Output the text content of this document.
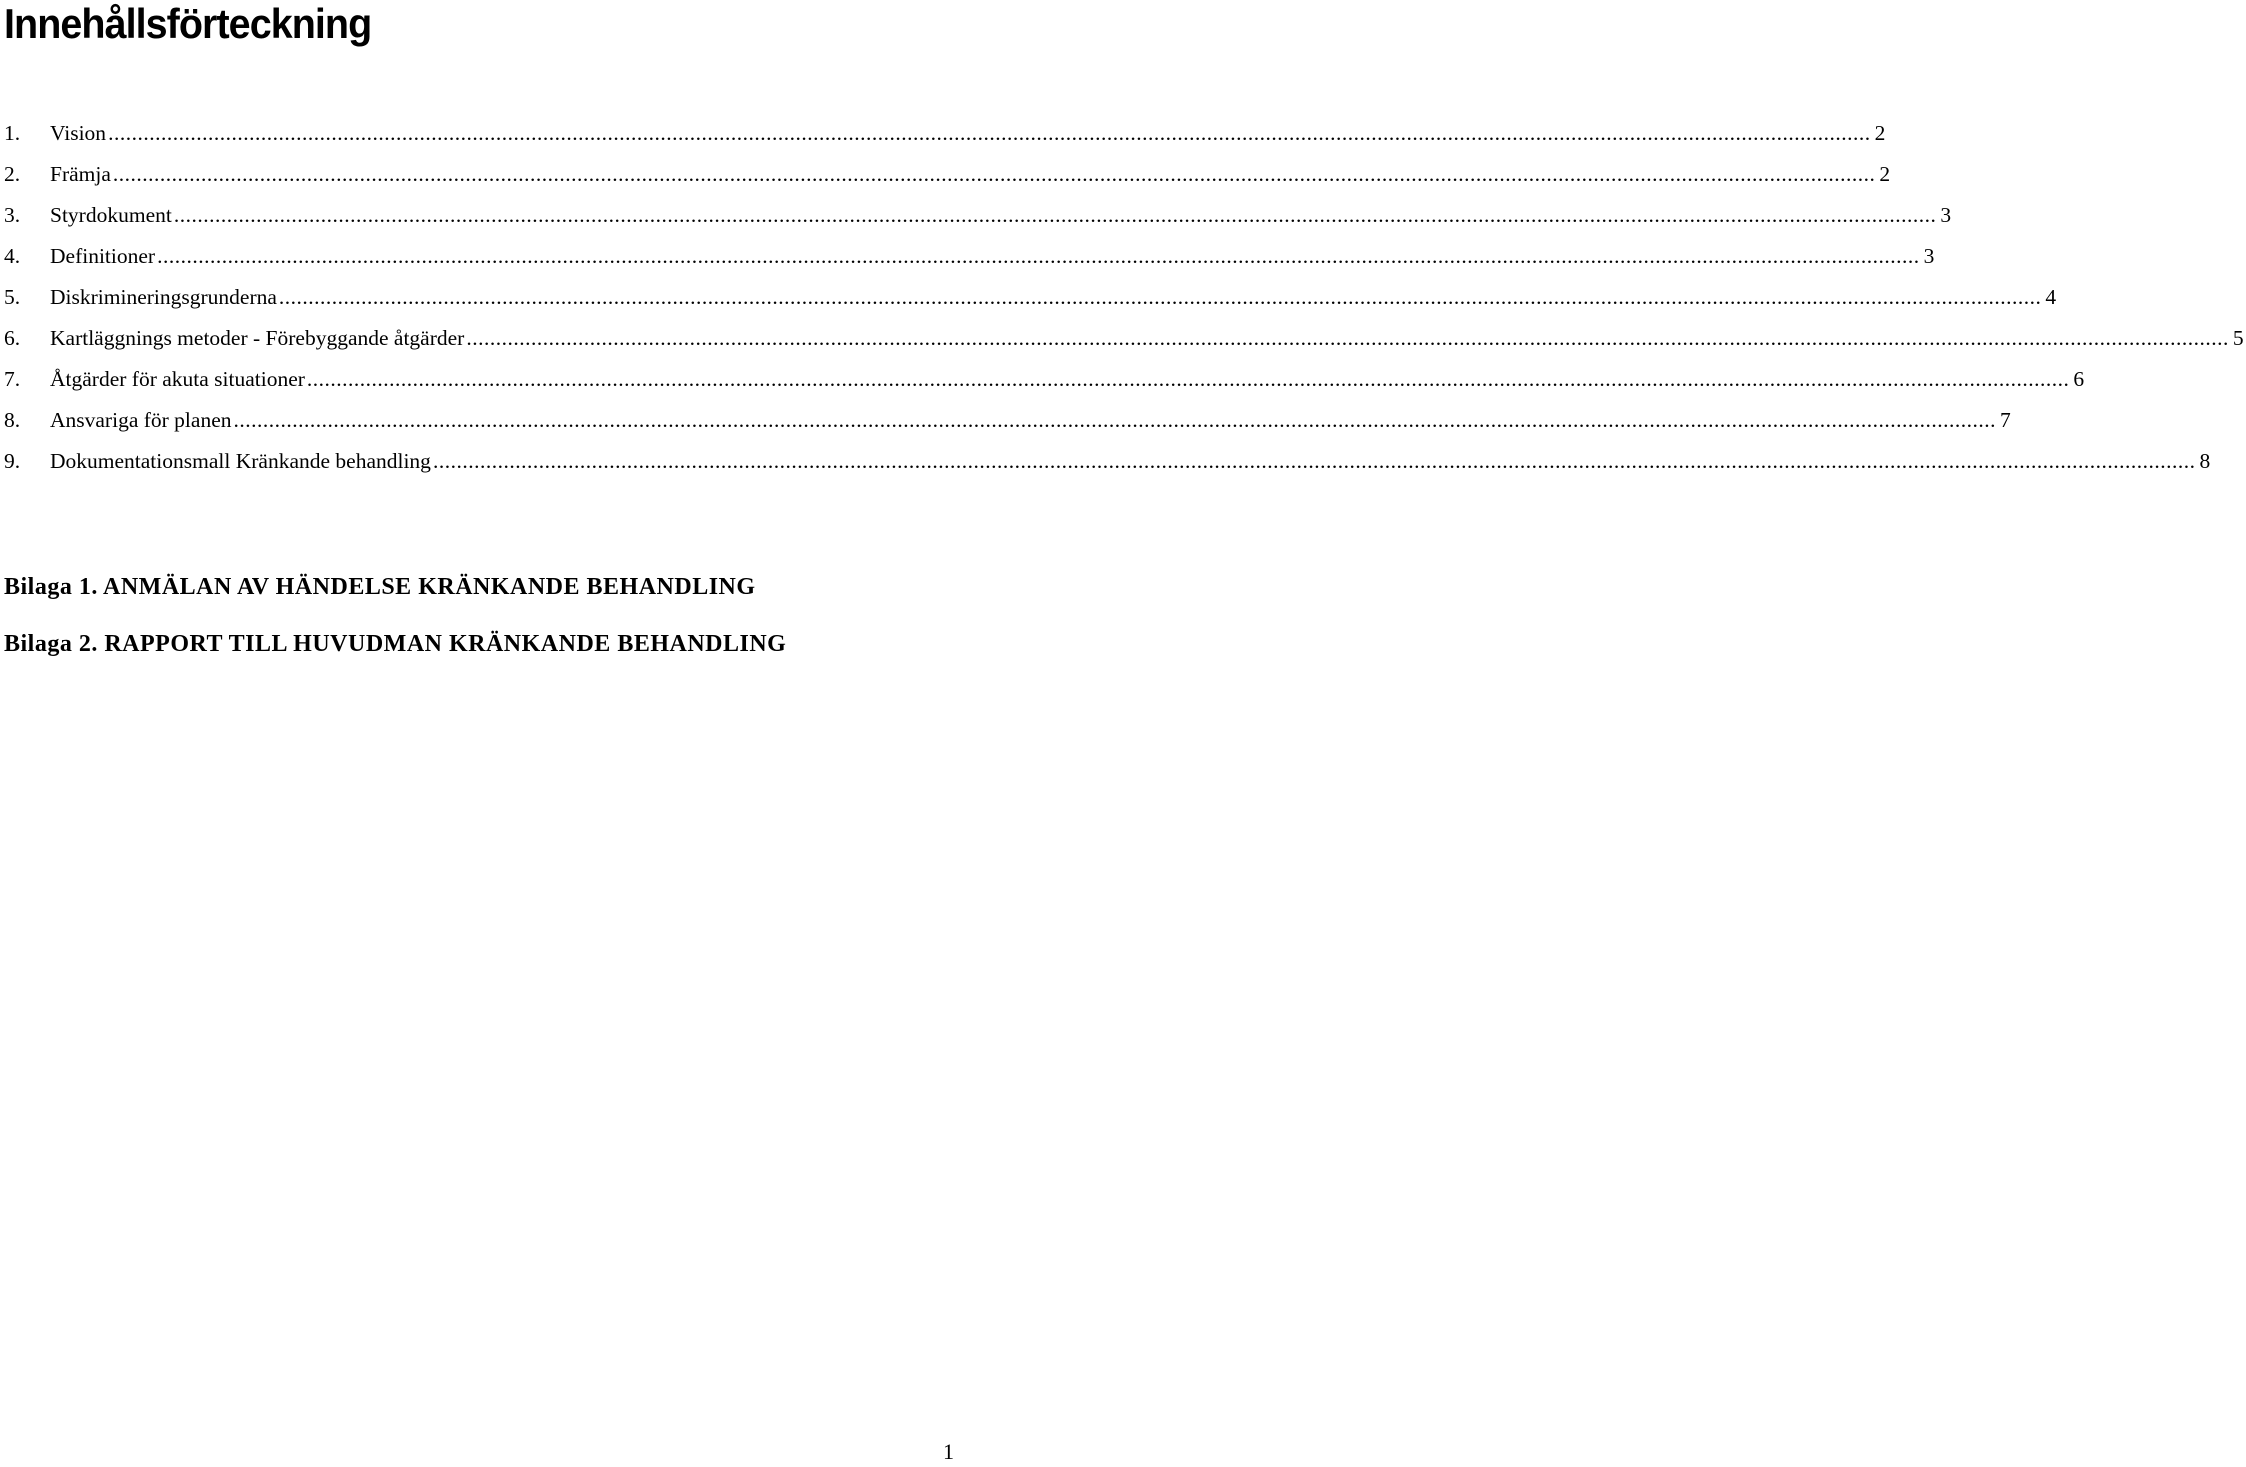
Innehållsförteckning
1.	Vision ............................................................................................................................................................................................................................................................................................................ 2
2.	Främja ............................................................................................................................................................................................................................................................................................................ 2
3.	Styrdokument ............................................................................................................................................................................................................................................................................................................ 3
4.	Definitioner ............................................................................................................................................................................................................................................................................................................ 3
5.	Diskrimineringsgrunderna ............................................................................................................................................................................................................................................................................................................ 4
6.	Kartläggnings metoder - Förebyggande åtgärder ............................................................................................................................................................................................................................................................................................................ 5
7.	Åtgärder för akuta situationer ............................................................................................................................................................................................................................................................................................................ 6
8.	Ansvariga för planen ............................................................................................................................................................................................................................................................................................................ 7
9.	Dokumentationsmall Kränkande behandling ............................................................................................................................................................................................................................................................................................................ 8

Bilaga 1. ANMÄLAN AV HÄNDELSE KRÄNKANDE BEHANDLING

Bilaga 2. RAPPORT TILL HUVUDMAN KRÄNKANDE BEHANDLING

1
